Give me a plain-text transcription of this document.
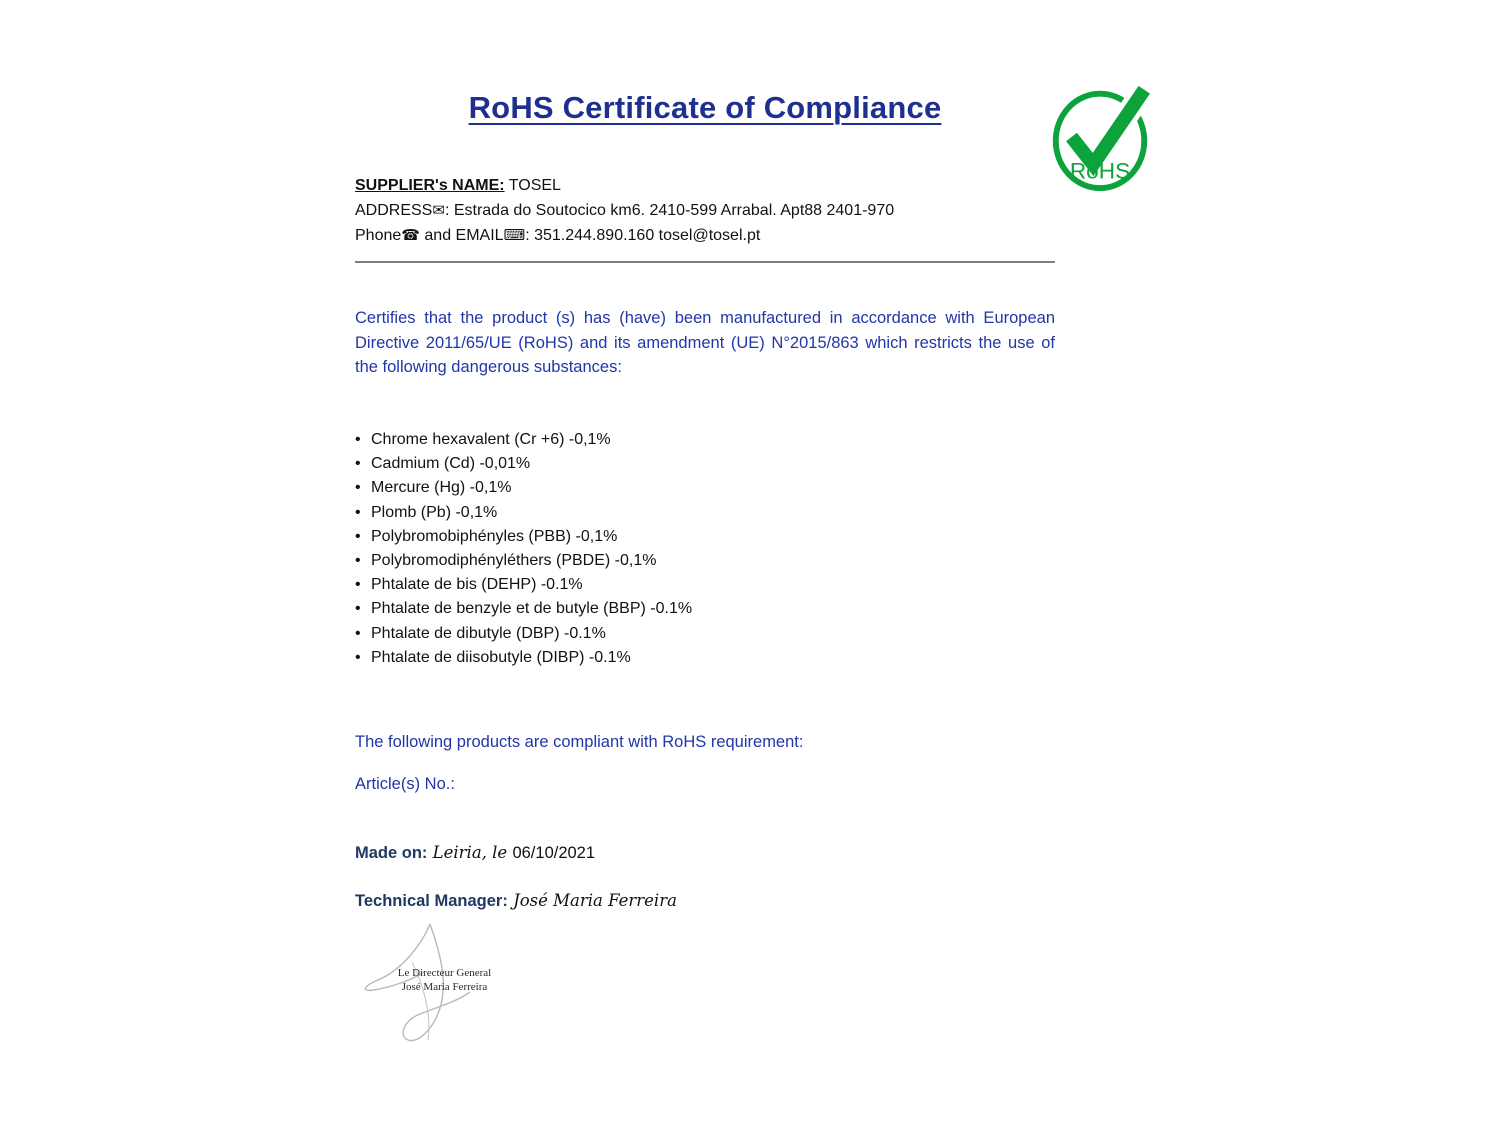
RoHS Certificate of Compliance
RoHS
SUPPLIER's NAME: TOSEL
ADDRESS✉: Estrada do Soutocico km6. 2410-599 Arrabal. Apt88 2401-970
Phone☎ and EMAIL⌨: 351.244.890.160 tosel@tosel.pt

Certifies that the product (s) has (have) been manufactured in accordance with European Directive 2011/65/UE (RoHS) and its amendment (UE) N°2015/863 which restricts the use of the following dangerous substances:

• Chrome hexavalent (Cr +6) -0,1%
• Cadmium (Cd) -0,01%
• Mercure (Hg) -0,1%
• Plomb (Pb) -0,1%
• Polybromobiphényles (PBB) -0,1%
• Polybromodiphényléthers (PBDE) -0,1%
• Phtalate de bis (DEHP) -0.1%
• Phtalate de benzyle et de butyle (BBP) -0.1%
• Phtalate de dibutyle (DBP) -0.1%
• Phtalate de diisobutyle (DIBP) -0.1%

The following products are compliant with RoHS requirement:

Article(s) No.:

Made on: Leiria, le 06/10/2021

Technical Manager: José Maria Ferreira

Le Directeur General
José Maria Ferreira
